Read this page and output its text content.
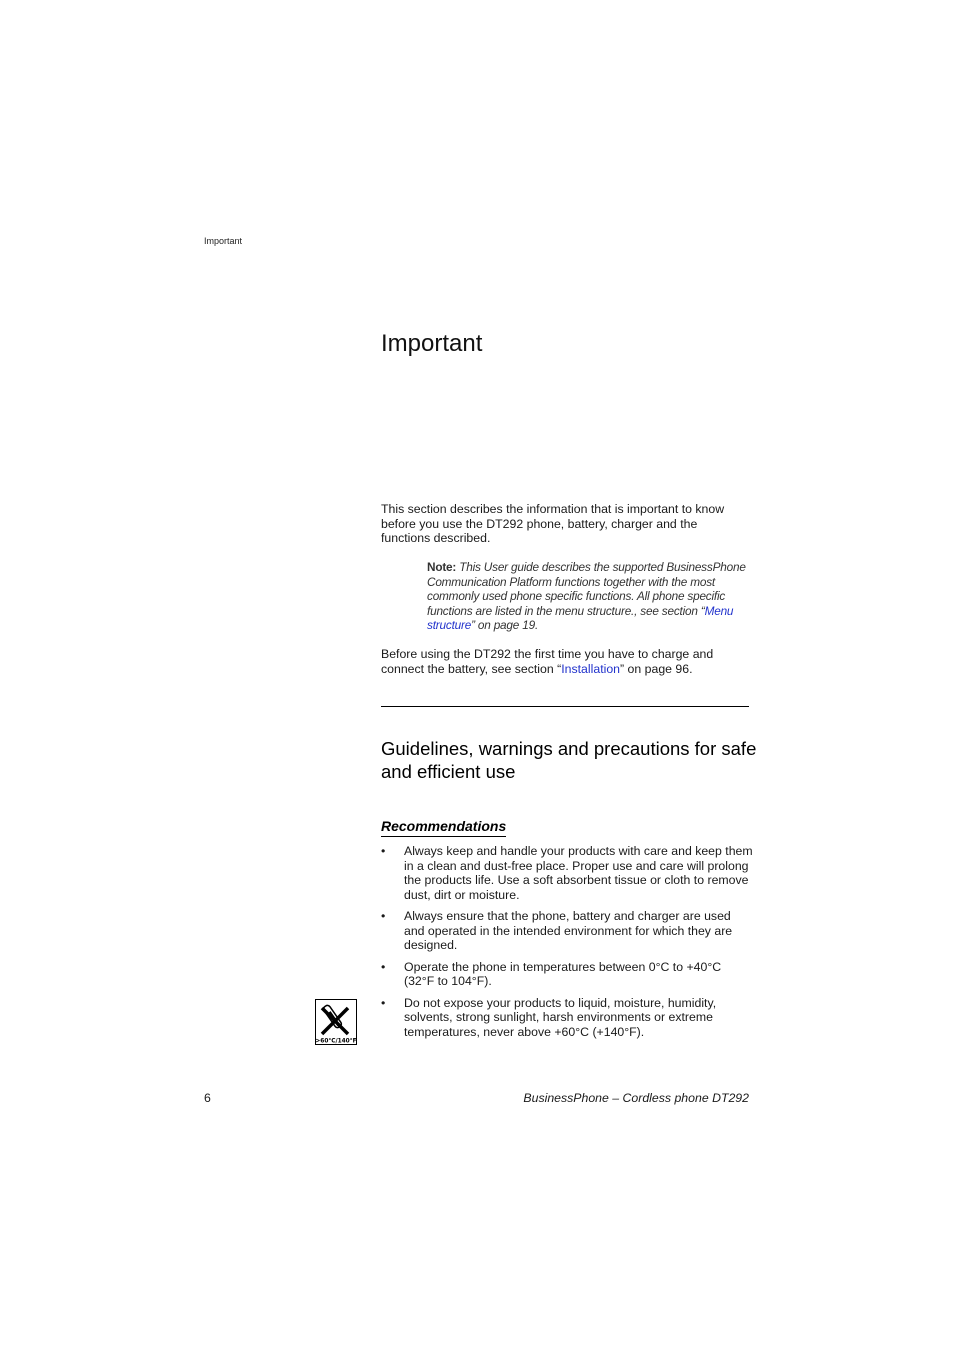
Important
Important

This section describes the information that is important to know before you use the DT292 phone, battery, charger and the functions described.

Note: This User guide describes the supported BusinessPhone Communication Platform functions together with the most commonly used phone specific functions. All phone specific functions are listed in the menu structure., see section “Menu structure” on page 19.

Before using the DT292 the first time you have to charge and connect the battery, see section “Installation” on page 96.

Guidelines, warnings and precautions for safe and efficient use
Recommendations
• Always keep and handle your products with care and keep them in a clean and dust-free place. Proper use and care will prolong the products life. Use a soft absorbent tissue or cloth to remove dust, dirt or moisture.
• Always ensure that the phone, battery and charger are used and operated in the intended environment for which they are designed.
• Operate the phone in temperatures between 0°C to +40°C (32°F to 104°F).
• Do not expose your products to liquid, moisture, humidity, solvents, strong sunlight, harsh environments or extreme temperatures, never above +60°C (+140°F).
>60°C/140°F
6	BusinessPhone – Cordless phone DT292
